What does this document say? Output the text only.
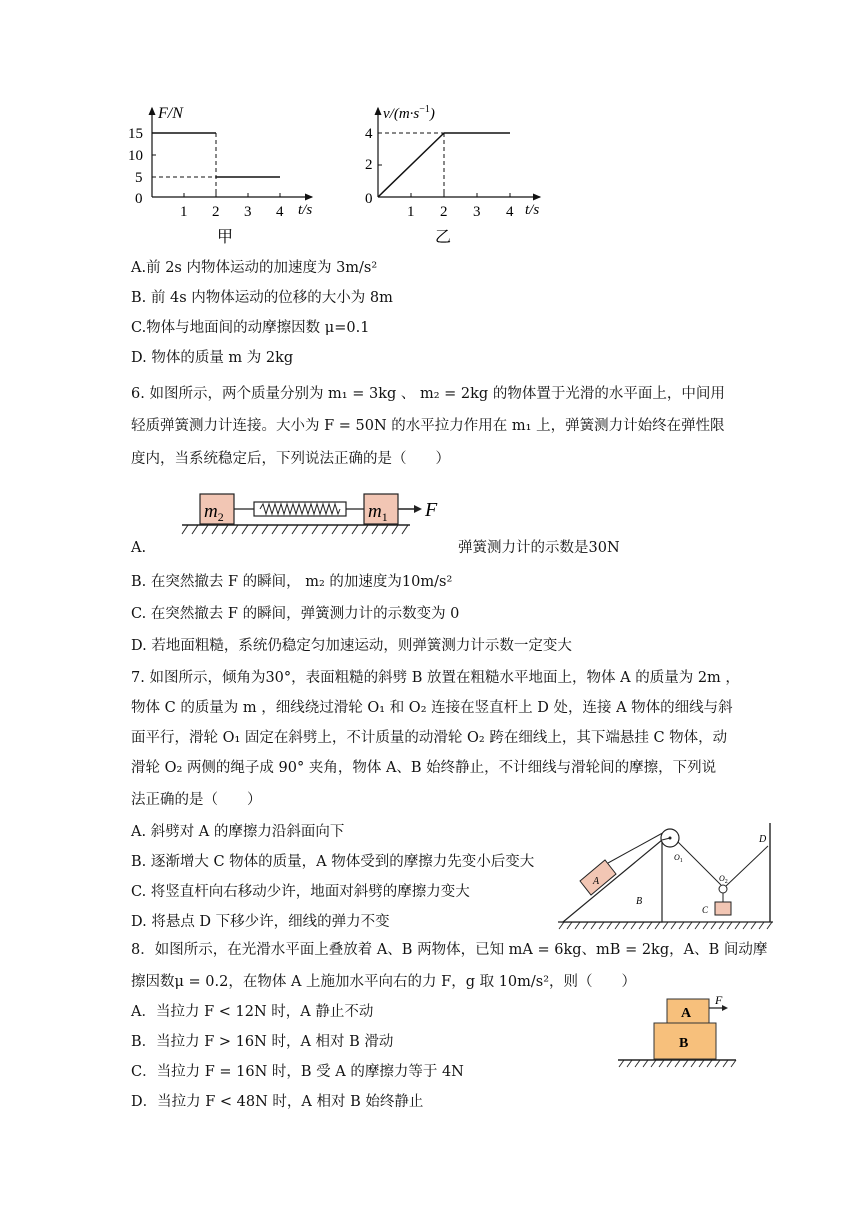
F/N
t/s
15
10
5
0
1 2 3 4
甲
$v/(m\cdot s^{-1})$
t/s
4
2
0
1 2 3 4
乙
A.前 2s 内物体运动的加速度为 3m/s²
B. 前 4s 内物体运动的位移的大小为 8m
C.物体与地面间的动摩擦因数 μ=0.1
D. 物体的质量 m 为 2kg
6. 如图所示，两个质量分别为 m₁ = 3kg 、 m₂ = 2kg 的物体置于光滑的水平面上，中间用
轻质弹簧测力计连接。大小为 F = 50N 的水平拉力作用在 m₁ 上，弹簧测力计始终在弹性限
度内，当系统稳定后，下列说法正确的是（　　）
$m_2$	$m_1$ F
A.	弹簧测力计的示数是30N
B. 在突然撤去 F 的瞬间， m₂ 的加速度为10m/s²
C. 在突然撤去 F 的瞬间，弹簧测力计的示数变为 0
D. 若地面粗糙，系统仍稳定匀加速运动，则弹簧测力计示数一定变大
7. 如图所示，倾角为30°，表面粗糙的斜劈 B 放置在粗糙水平地面上，物体 A 的质量为 2m ，
物体 C 的质量为 m ，细线绕过滑轮 O₁ 和 O₂ 连接在竖直杆上 D 处，连接 A 物体的细线与斜
面平行，滑轮 O₁ 固定在斜劈上，不计质量的动滑轮 O₂ 跨在细线上，其下端悬挂 C 物体，动
滑轮 O₂ 两侧的绳子成 90° 夹角，物体 A、B 始终静止，不计细线与滑轮间的摩擦，下列说
法正确的是（　　）
A. 斜劈对 A 的摩擦力沿斜面向下
B. 逐渐增大 C 物体的质量，A 物体受到的摩擦力先变小后变大
C. 将竖直杆向右移动少许，地面对斜劈的摩擦力变大
D. 将悬点 D 下移少许，细线的弹力不变
B
A
$O_1$
$O_2$
C
D
8．如图所示，在光滑水平面上叠放着 A、B 两物体，已知 mA = 6kg、mB = 2kg，A、B 间动摩
擦因数μ = 0.2，在物体 A 上施加水平向右的力 F，g 取 10m/s²，则（　　）
A．当拉力 F < 12N 时，A 静止不动
B．当拉力 F > 16N 时，A 相对 B 滑动
C．当拉力 F = 16N 时，B 受 A 的摩擦力等于 4N
D．当拉力 F < 48N 时，A 相对 B 始终静止
A
F
B
